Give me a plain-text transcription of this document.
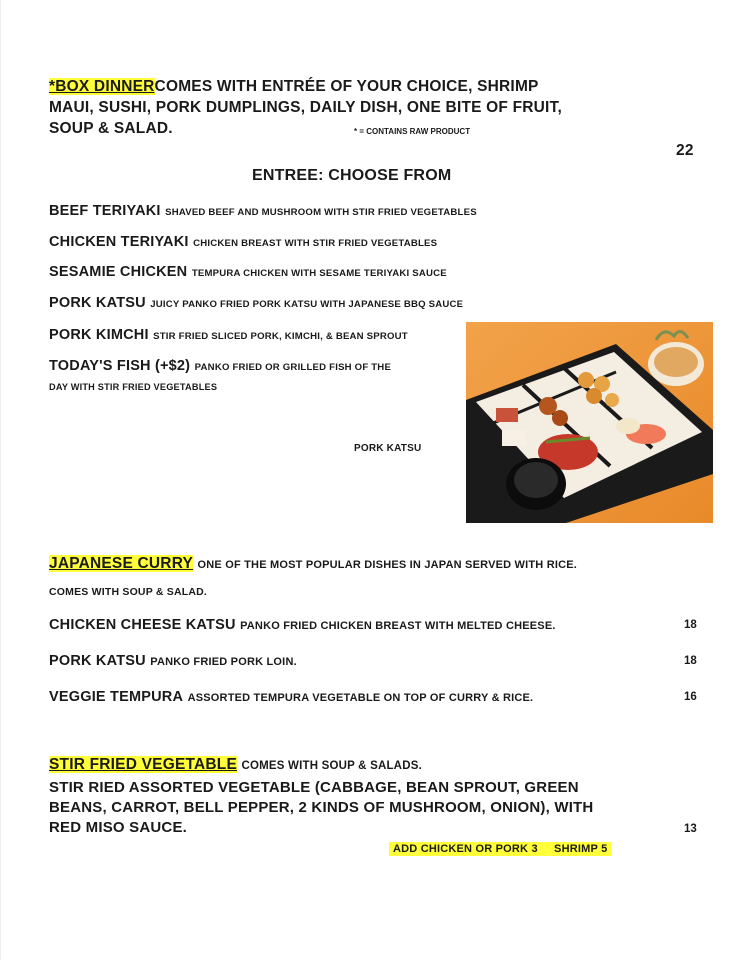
*BOX DINNERCOMES WITH ENTRÉE OF YOUR CHOICE, SHRIMP
MAUI, SUSHI, PORK DUMPLINGS, DAILY DISH, ONE BITE OF FRUIT,
SOUP & SALAD.	* = CONTAINS RAW PRODUCT
22
ENTREE: CHOOSE FROM
BEEF TERIYAKI SHAVED BEEF AND MUSHROOM WITH STIR FRIED VEGETABLES
CHICKEN TERIYAKI CHICKEN BREAST WITH STIR FRIED VEGETABLES
SESAMIE CHICKEN TEMPURA CHICKEN WITH SESAME TERIYAKI SAUCE
PORK KATSU JUICY PANKO FRIED PORK KATSU WITH JAPANESE BBQ SAUCE
PORK KIMCHI STIR FRIED SLICED PORK, KIMCHI, & BEAN SPROUT
TODAY'S FISH (+$2) PANKO FRIED OR GRILLED FISH OF THE
DAY WITH STIR FRIED VEGETABLES
PORK KATSU
JAPANESE CURRY ONE OF THE MOST POPULAR DISHES IN JAPAN SERVED WITH RICE.
COMES WITH SOUP & SALAD.
CHICKEN CHEESE KATSU PANKO FRIED CHICKEN BREAST WITH MELTED CHEESE.	18
PORK KATSU PANKO FRIED PORK LOIN.	18
VEGGIE TEMPURA ASSORTED TEMPURA VEGETABLE ON TOP OF CURRY & RICE.	16
STIR FRIED VEGETABLE COMES WITH SOUP & SALADS.
STIR RIED ASSORTED VEGETABLE (CABBAGE, BEAN SPROUT, GREEN
BEANS, CARROT, BELL PEPPER, 2 KINDS OF MUSHROOM, ONION), WITH
RED MISO SAUCE.	13
ADD CHICKEN OR PORK 3     SHRIMP 5
